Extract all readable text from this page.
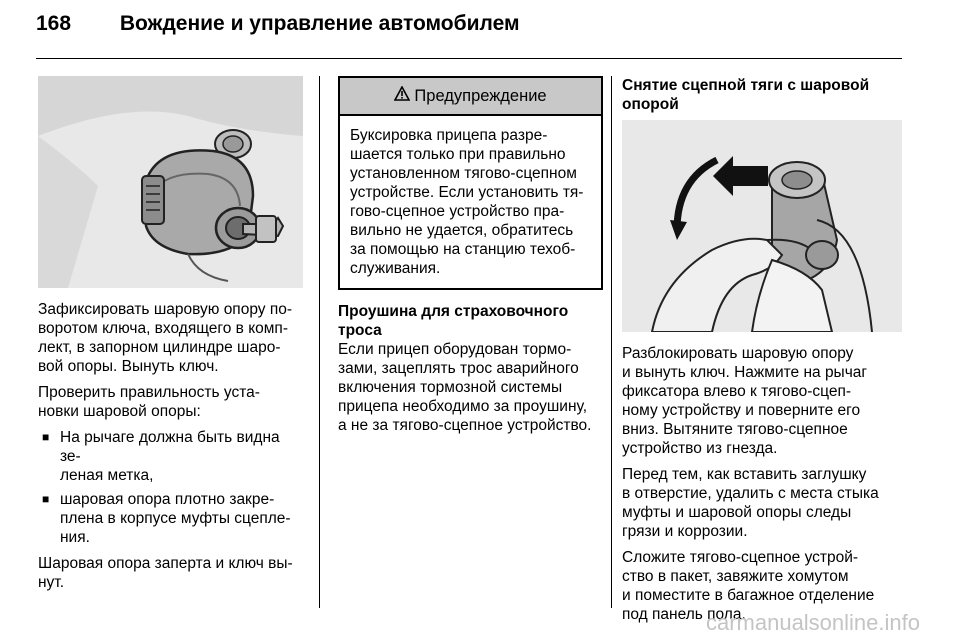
168 Вождение и управление автомобилем

Зафиксировать шаровую опору по-
воротом ключа, входящего в комп-
лект, в запорном цилиндре шаро-
вой опоры. Вынуть ключ.

Проверить правильность уста-
новки шаровой опоры:

■ На рычаге должна быть видна зе-
леная метка,
■ шаровая опора плотно закре-
плена в корпусе муфты сцепле-
ния.

Шаровая опора заперта и ключ вы-
нут.

Предупреждение
Буксировка прицепа разре-
шается только при правильно
установленном тягово-сцепном
устройстве. Если установить тя-
гово-сцепное устройство пра-
вильно не удается, обратитесь
за помощью на станцию техоб-
служивания.

Проушина для страховочного
троса

Если прицеп оборудован тормо-
зами, зацеплять трос аварийного
включения тормозной системы
прицепа необходимо за проушину,
а не за тягово-сцепное устройство.

Снятие сцепной тяги с шаровой
опорой

Разблокировать шаровую опору
и вынуть ключ. Нажмите на рычаг
фиксатора влево к тягово-сцеп-
ному устройству и поверните его
вниз. Вытяните тягово-сцепное
устройство из гнезда.

Перед тем, как вставить заглушку
в отверстие, удалить с места стыка
муфты и шаровой опоры следы
грязи и коррозии.

Сложите тягово-сцепное устрой-
ство в пакет, завяжите хомутом
и поместите в багажное отделение
под панель пола.

carmanualsonline.info
